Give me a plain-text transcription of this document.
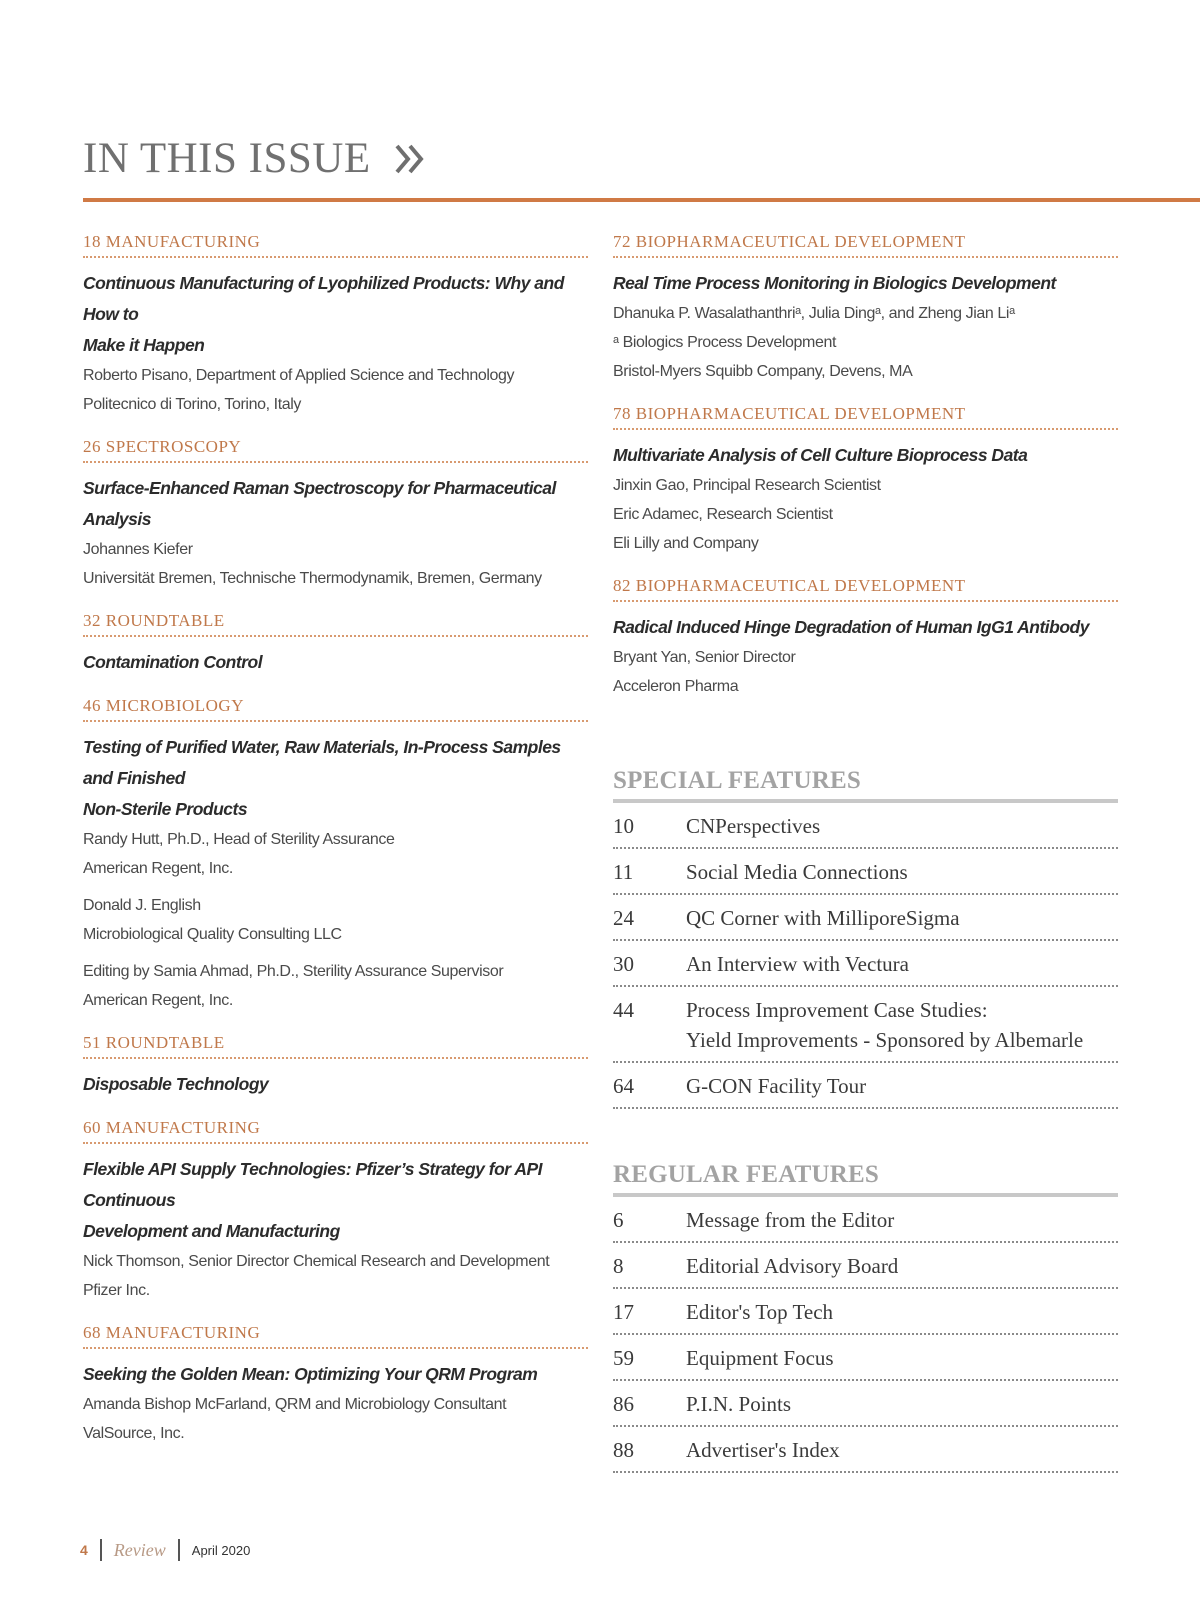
IN THIS ISSUE
18 MANUFACTURING
Continuous Manufacturing of Lyophilized Products: Why and How to
Make it Happen
Roberto Pisano, Department of Applied Science and Technology
Politecnico di Torino, Torino, Italy
26 SPECTROSCOPY
Surface-Enhanced Raman Spectroscopy for Pharmaceutical Analysis
Johannes Kiefer
Universität Bremen, Technische Thermodynamik, Bremen, Germany
32 ROUNDTABLE
Contamination Control
46 MICROBIOLOGY
Testing of Purified Water, Raw Materials, In-Process Samples and Finished
Non-Sterile Products
Randy Hutt, Ph.D., Head of Sterility Assurance
American Regent, Inc.
Donald J. English
Microbiological Quality Consulting LLC
Editing by Samia Ahmad, Ph.D., Sterility Assurance Supervisor
American Regent, Inc.
51 ROUNDTABLE
Disposable Technology
60 MANUFACTURING
Flexible API Supply Technologies: Pfizer’s Strategy for API Continuous
Development and Manufacturing
Nick Thomson, Senior Director Chemical Research and Development
Pfizer Inc.
68 MANUFACTURING
Seeking the Golden Mean: Optimizing Your QRM Program
Amanda Bishop McFarland, QRM and Microbiology Consultant
ValSource, Inc.
72 BIOPHARMACEUTICAL DEVELOPMENT
Real Time Process Monitoring in Biologics Development
Dhanuka P. Wasalathanthriᵃ, Julia Dingᵃ, and Zheng Jian Liᵃ
ᵃ Biologics Process Development
Bristol-Myers Squibb Company, Devens, MA
78 BIOPHARMACEUTICAL DEVELOPMENT
Multivariate Analysis of Cell Culture Bioprocess Data
Jinxin Gao, Principal Research Scientist
Eric Adamec, Research Scientist
Eli Lilly and Company
82 BIOPHARMACEUTICAL DEVELOPMENT
Radical Induced Hinge Degradation of Human IgG1 Antibody
Bryant Yan, Senior Director
Acceleron Pharma
SPECIAL FEATURES
10	CNPerspectives
11	Social Media Connections
24	QC Corner with MilliporeSigma
30	An Interview with Vectura
44	Process Improvement Case Studies:
Yield Improvements - Sponsored by Albemarle
64	G-CON Facility Tour
REGULAR FEATURES
6	Message from the Editor
8	Editorial Advisory Board
17	Editor's Top Tech
59	Equipment Focus
86	P.I.N. Points
88	Advertiser's Index
4 Review April 2020
